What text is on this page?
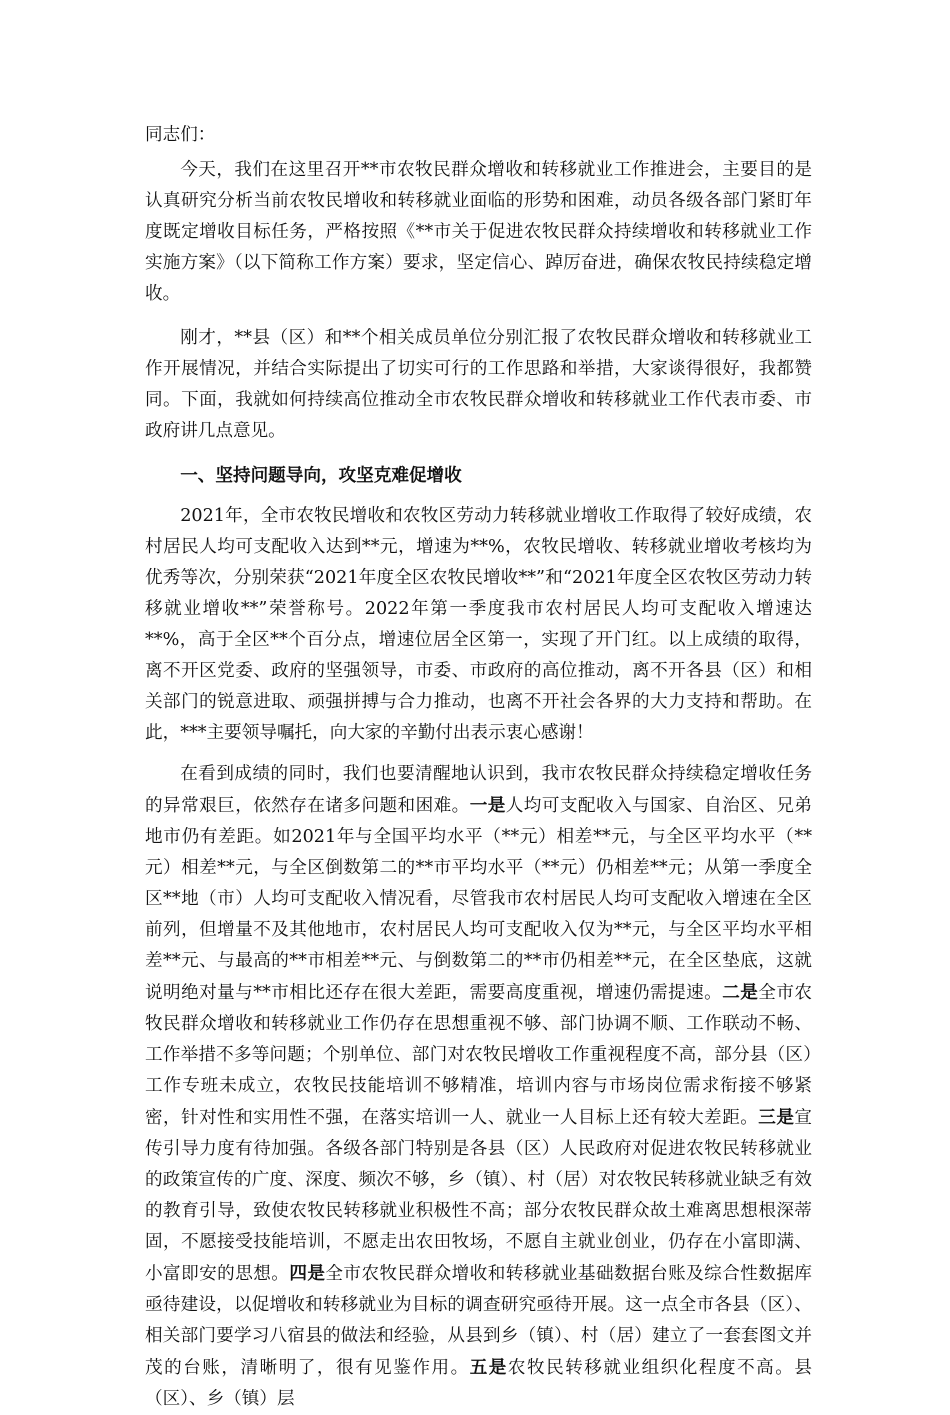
同志们：

今天，我们在这里召开**市农牧民群众增收和转移就业工作推进会，主要目的是认真研究分析当前农牧民增收和转移就业面临的形势和困难，动员各级各部门紧盯年度既定增收目标任务，严格按照《**市关于促进农牧民群众持续增收和转移就业工作实施方案》（以下简称工作方案）要求，坚定信心、踔厉奋进，确保农牧民持续稳定增收。

刚才，**县（区）和**个相关成员单位分别汇报了农牧民群众增收和转移就业工作开展情况，并结合实际提出了切实可行的工作思路和举措，大家谈得很好，我都赞同。下面，我就如何持续高位推动全市农牧民群众增收和转移就业工作代表市委、市政府讲几点意见。

一、坚持问题导向，攻坚克难促增收

2021年，全市农牧民增收和农牧区劳动力转移就业增收工作取得了较好成绩，农村居民人均可支配收入达到**元，增速为**%，农牧民增收、转移就业增收考核均为优秀等次，分别荣获“2021年度全区农牧民增收**”和“2021年度全区农牧区劳动力转移就业增收**”荣誉称号。2022年第一季度我市农村居民人均可支配收入增速达**%，高于全区**个百分点，增速位居全区第一，实现了开门红。以上成绩的取得，离不开区党委、政府的坚强领导，市委、市政府的高位推动，离不开各县（区）和相关部门的锐意进取、顽强拼搏与合力推动，也离不开社会各界的大力支持和帮助。在此，***主要领导嘱托，向大家的辛勤付出表示衷心感谢！

在看到成绩的同时，我们也要清醒地认识到，我市农牧民群众持续稳定增收任务的异常艰巨，依然存在诸多问题和困难。一是人均可支配收入与国家、自治区、兄弟地市仍有差距。如2021年与全国平均水平（**元）相差**元，与全区平均水平（**元）相差**元，与全区倒数第二的**市平均水平（**元）仍相差**元；从第一季度全区**地（市）人均可支配收入情况看，尽管我市农村居民人均可支配收入增速在全区前列，但增量不及其他地市，农村居民人均可支配收入仅为**元，与全区平均水平相差**元、与最高的**市相差**元、与倒数第二的**市仍相差**元，在全区垫底，这就说明绝对量与**市相比还存在很大差距，需要高度重视，增速仍需提速。二是全市农牧民群众增收和转移就业工作仍存在思想重视不够、部门协调不顺、工作联动不畅、工作举措不多等问题；个别单位、部门对农牧民增收工作重视程度不高，部分县（区）工作专班未成立，农牧民技能培训不够精准，培训内容与市场岗位需求衔接不够紧密，针对性和实用性不强，在落实培训一人、就业一人目标上还有较大差距。三是宣传引导力度有待加强。各级各部门特别是各县（区）人民政府对促进农牧民转移就业的政策宣传的广度、深度、频次不够，乡（镇）、村（居）对农牧民转移就业缺乏有效的教育引导，致使农牧民转移就业积极性不高；部分农牧民群众故土难离思想根深蒂固，不愿接受技能培训，不愿走出农田牧场，不愿自主就业创业，仍存在小富即满、小富即安的思想。四是全市农牧民群众增收和转移就业基础数据台账及综合性数据库亟待建设，以促增收和转移就业为目标的调查研究亟待开展。这一点全市各县（区）、相关部门要学习八宿县的做法和经验，从县到乡（镇）、村（居）建立了一套套图文并茂的台账，清晰明了，很有见鉴作用。五是农牧民转移就业组织化程度不高。县（区）、乡（镇）层
